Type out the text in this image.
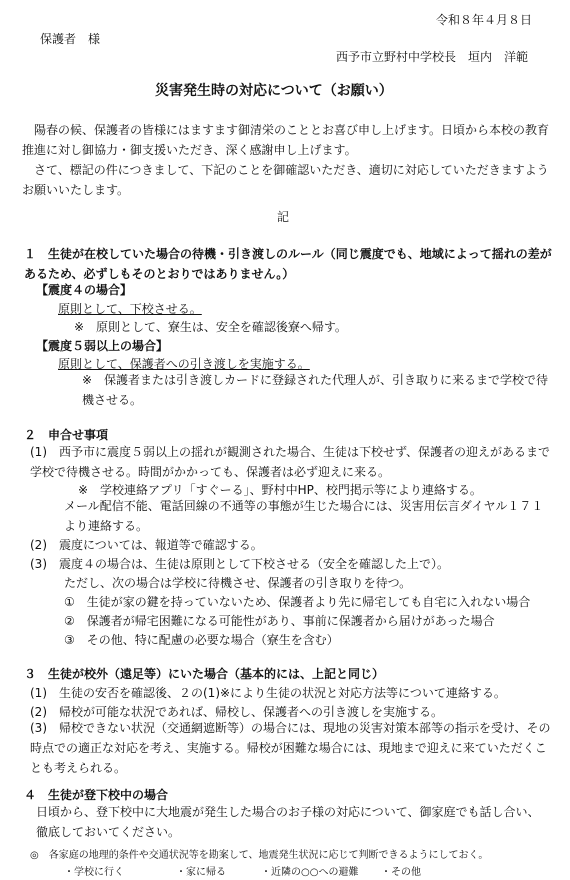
令和８年４月８日
保護者　様
西予市立野村中学校長　垣内　洋範
災害発生時の対応について（お願い）
　陽春の候、保護者の皆様にはますます御清栄のこととお喜び申し上げます。日頃から本校の教育推進に対し御協力・御支援いただき、深く感謝申し上げます。
　さて、標記の件につきまして、下記のことを御確認いただき、適切に対応していただきますようお願いいたします。
記
１　生徒が在校していた場合の待機・引き渡しのルール（同じ震度でも、地域によって揺れの差があるため、必ずしもそのとおりではありません。）
【震度４の場合】
原則として、下校させる。
※　原則として、寮生は、安全を確認後寮へ帰す。
【震度５弱以上の場合】
原則として、保護者への引き渡しを実施する。
※　保護者または引き渡しカードに登録された代理人が、引き取りに来るまで学校で待機させる。
２　申合せ事項
(1)　西予市に震度５弱以上の揺れが観測された場合、生徒は下校せず、保護者の迎えがあるまで学校で待機させる。時間がかかっても、保護者は必ず迎えに来る。
※　学校連絡アプリ「すぐーる」、野村中HP、校門掲示等により連絡する。
メール配信不能、電話回線の不通等の事態が生じた場合には、災害用伝言ダイヤル１７１より連絡する。
(2)　震度については、報道等で確認する。
(3)　震度４の場合は、生徒は原則として下校させる（安全を確認した上で）。
ただし、次の場合は学校に待機させ、保護者の引き取りを待つ。
①　生徒が家の鍵を持っていないため、保護者より先に帰宅しても自宅に入れない場合
②　保護者が帰宅困難になる可能性があり、事前に保護者から届けがあった場合
③　その他、特に配慮の必要な場合（寮生を含む）
３　生徒が校外（遠足等）にいた場合（基本的には、上記と同じ）
(1)　生徒の安否を確認後、２の(1)※により生徒の状況と対応方法等について連絡する。
(2)　帰校が可能な状況であれば、帰校し、保護者への引き渡しを実施する。
(3)　帰校できない状況（交通網遮断等）の場合には、現地の災害対策本部等の指示を受け、その時点での適正な対応を考え、実施する。帰校が困難な場合には、現地まで迎えに来ていただくことも考えられる。
４　生徒が登下校中の場合
日頃から、登下校中に大地震が発生した場合のお子様の対応について、御家庭でも話し合い、徹底しておいてください。
◎　各家庭の地理的条件や交通状況等を勘案して、地震発生状況に応じて判断できるようにしておく。
・学校に行く	・家に帰る	・近隣の○○への避難 ・その他
